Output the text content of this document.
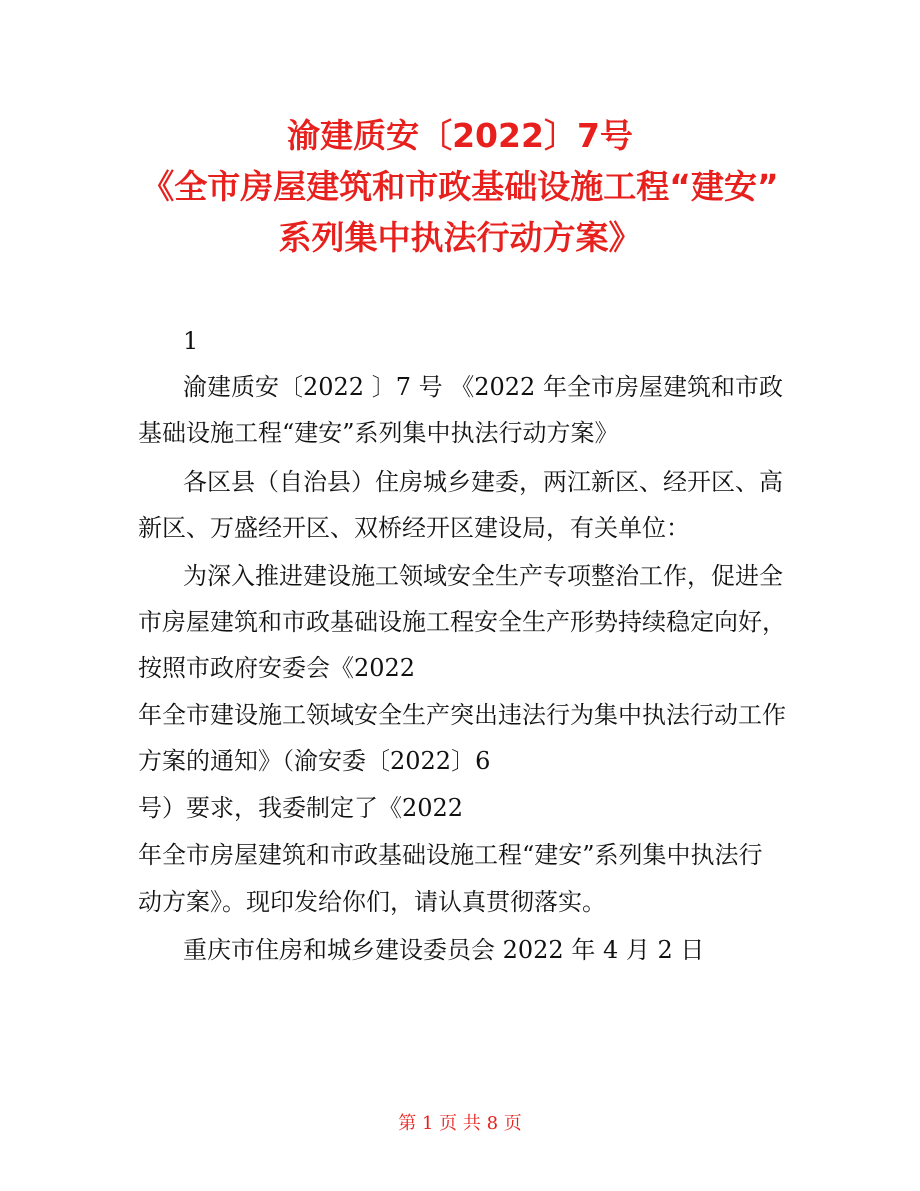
渝建质安〔2022〕7号
《全市房屋建筑和市政基础设施工程“建安”
系列集中执法行动方案》
1
渝建质安〔2022 〕7 号 《2022 年全市房屋建筑和市政
基础设施工程“建安”系列集中执法行动方案》
各区县（自治县）住房城乡建委，两江新区、经开区、高
新区、万盛经开区、双桥经开区建设局，有关单位：
为深入推进建设施工领域安全生产专项整治工作，促进全
市房屋建筑和市政基础设施工程安全生产形势持续稳定向好，
按照市政府安委会《2022
年全市建设施工领域安全生产突出违法行为集中执法行动工作
方案的通知》（渝安委〔2022〕6
号）要求，我委制定了《2022
年全市房屋建筑和市政基础设施工程“建安”系列集中执法行
动方案》。现印发给你们，请认真贯彻落实。
重庆市住房和城乡建设委员会 2022 年 4 月 2 日
第 1 页 共 8 页
